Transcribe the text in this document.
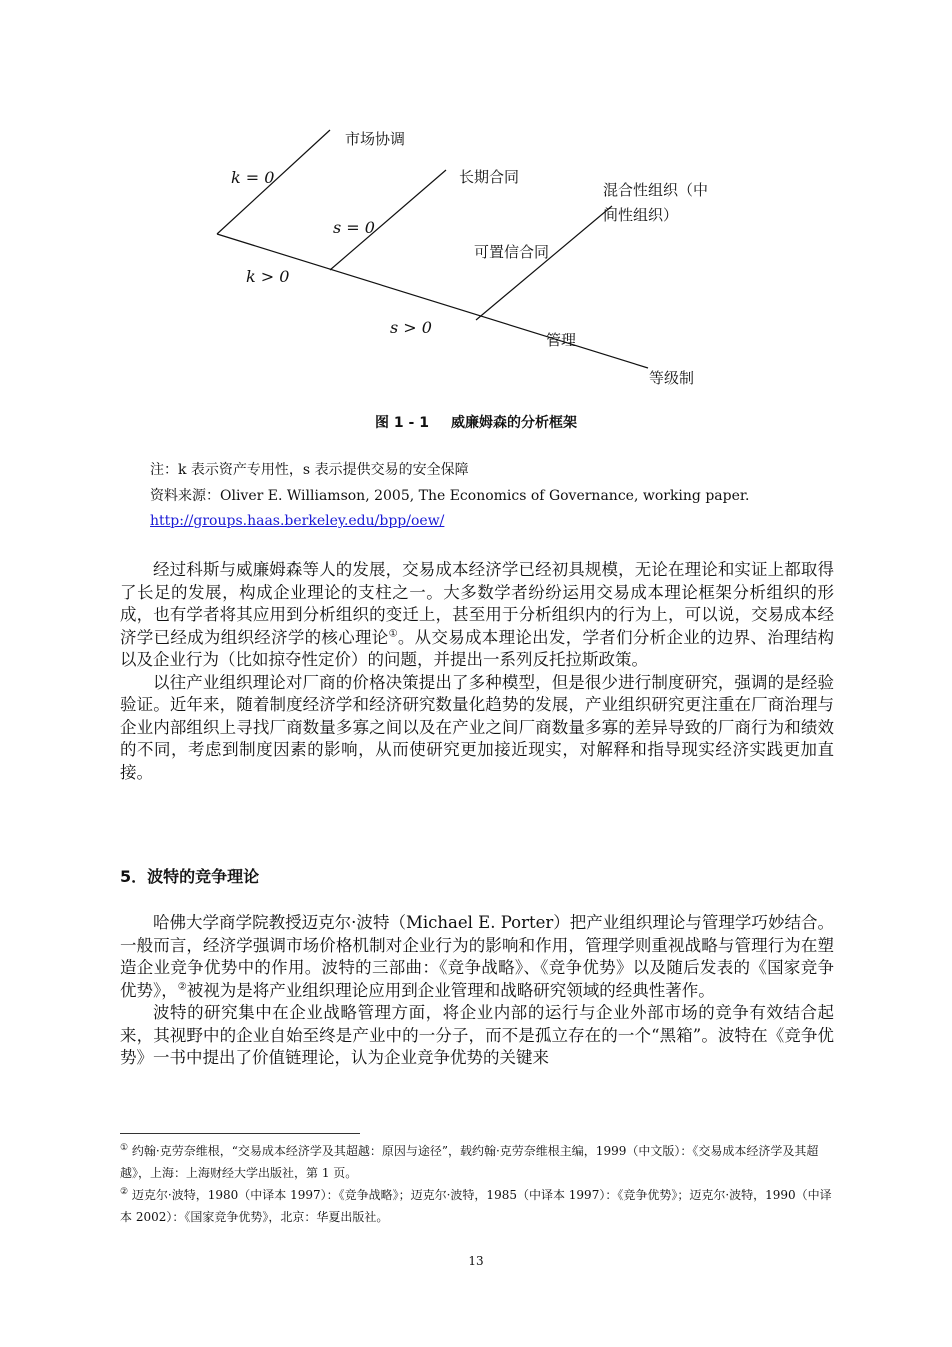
市场协调
长期合同
混合性组织（中
间性组织）
可置信合同
管理
等级制
k = 0
k > 0
s = 0
s > 0
图 1 - 1 威廉姆森的分析框架
注：k 表示资产专用性，s 表示提供交易的安全保障
资料来源：Oliver E. Williamson, 2005, The Economics of Governance, working paper.
http://groups.haas.berkeley.edu/bpp/oew/

经过科斯与威廉姆森等人的发展，交易成本经济学已经初具规模，无论在理论和实证上都取得了长足的发展，构成企业理论的支柱之一。大多数学者纷纷运用交易成本理论框架分析组织的形成，也有学者将其应用到分析组织的变迁上，甚至用于分析组织内的行为上，可以说，交易成本经济学已经成为组织经济学的核心理论①。从交易成本理论出发，学者们分析企业的边界、治理结构以及企业行为（比如掠夺性定价）的问题，并提出一系列反托拉斯政策。

以往产业组织理论对厂商的价格决策提出了多种模型，但是很少进行制度研究，强调的是经验验证。近年来，随着制度经济学和经济研究数量化趋势的发展，产业组织研究更注重在厂商治理与企业内部组织上寻找厂商数量多寡之间以及在产业之间厂商数量多寡的差异导致的厂商行为和绩效的不同，考虑到制度因素的影响，从而使研究更加接近现实，对解释和指导现实经济实践更加直接。

5．波特的竞争理论

哈佛大学商学院教授迈克尔·波特（Michael E. Porter）把产业组织理论与管理学巧妙结合。一般而言，经济学强调市场价格机制对企业行为的影响和作用，管理学则重视战略与管理行为在塑造企业竞争优势中的作用。波特的三部曲：《竞争战略》、《竞争优势》以及随后发表的《国家竞争优势》，②被视为是将产业组织理论应用到企业管理和战略研究领域的经典性著作。

波特的研究集中在企业战略管理方面，将企业内部的运行与企业外部市场的竞争有效结合起来，其视野中的企业自始至终是产业中的一分子，而不是孤立存在的一个“黑箱”。波特在《竞争优势》一书中提出了价值链理论，认为企业竞争优势的关键来

① 约翰·克劳奈维根，“交易成本经济学及其超越：原因与途径”，载约翰·克劳奈维根主编，1999（中文版）：《交易成本经济学及其超越》，上海：上海财经大学出版社，第 1 页。

② 迈克尔·波特，1980（中译本 1997）：《竞争战略》；迈克尔·波特，1985（中译本 1997）：《竞争优势》；迈克尔·波特，1990（中译本 2002）：《国家竞争优势》，北京：华夏出版社。

13
